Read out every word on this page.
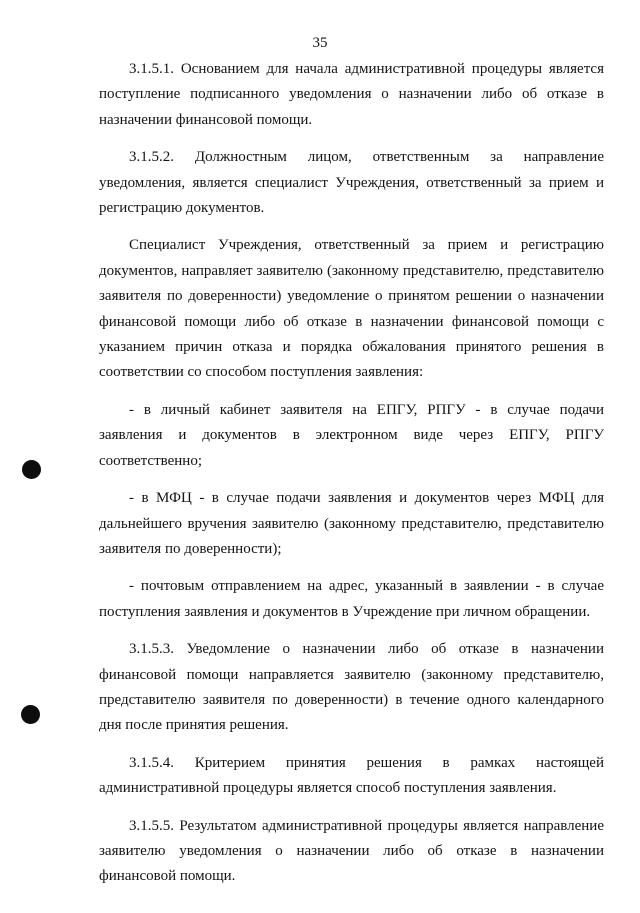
35

3.1.5.1. Основанием для начала административной процедуры является поступление подписанного уведомления о назначении либо об отказе в назначении финансовой помощи.

3.1.5.2. Должностным лицом, ответственным за направление уведомления, является специалист Учреждения, ответственный за прием и регистрацию документов.

Специалист Учреждения, ответственный за прием и регистрацию документов, направляет заявителю (законному представителю, представителю заявителя по доверенности) уведомление о принятом решении о назначении финансовой помощи либо об отказе в назначении финансовой помощи с указанием причин отказа и порядка обжалования принятого решения в соответствии со способом поступления заявления:

- в личный кабинет заявителя на ЕПГУ, РПГУ - в случае подачи заявления и документов в электронном виде через ЕПГУ, РПГУ соответственно;

- в МФЦ - в случае подачи заявления и документов через МФЦ для дальнейшего вручения заявителю (законному представителю, представителю заявителя по доверенности);

- почтовым отправлением на адрес, указанный в заявлении - в случае поступления заявления и документов в Учреждение при личном обращении.

3.1.5.3. Уведомление о назначении либо об отказе в назначении финансовой помощи направляется заявителю (законному представителю, представителю заявителя по доверенности) в течение одного календарного дня после принятия решения.

3.1.5.4. Критерием принятия решения в рамках настоящей административной процедуры является способ поступления заявления.

3.1.5.5. Результатом административной процедуры является направление заявителю уведомления о назначении либо об отказе в назначении финансовой помощи.
